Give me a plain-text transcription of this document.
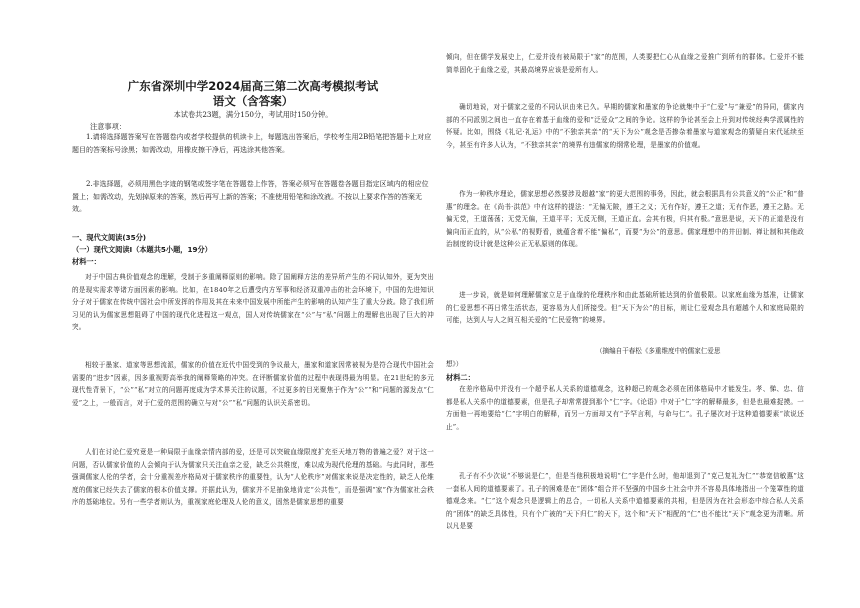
广东省深圳中学2024届高三第二次高考模拟考试
语文（含答案）
本试卷共23题，满分150分，考试用时150分钟。
注意事项：
1.请将选择题答案写在答题卷内或者学校提供的机读卡上，每题选出答案后，学校考生用2B铅笔把答题卡上对应题目的答案标号涂黑；如需改动，用橡皮擦干净后，再选涂其他答案。
2.非选择题，必须用黑色字迹的钢笔或签字笔在答题卷上作答，答案必须写在答题卷各题目指定区域内的相应位置上；如需改动，先划掉原来的答案，然后再写上新的答案；不准使用铅笔和涂改液。不按以上要求作答的答案无效。
一、现代文阅读(35分)
（一）现代文阅读Ⅰ（本题共5小题，19分）
材料一：

对于中国古典价值观念的理解，受制于多重阐释原则的影响。除了国阐释方法的差异所产生的不同认知外，更为突出的是现实需求等诸方面因素的影响。比如，在1840年之后遭受内方军事和经济双重冲击的社会环境下，中国的先进知识分子对于儒家在传统中国社会中所发挥的作用及其在未来中国发展中所能产生的影响的认知产生了重大分歧。除了我们所习见的认为儒家思想阻碍了中国的现代化进程这一观点，国人对传统儒家在“公”与“私”问题上的理解也出现了巨大的冲突。

相较于墨家、道家等思想流派，儒家的价值在近代中国受到的争议最大，墨家和道家因常被视为是符合现代中国社会需要的“进步”因素，因多重视野高举我的阐释策略的冲突。在评断儒家价值的过程中表现得最为明显。在21世纪的多元现代性背景下，“公”“私”对立的问题再度成为学术界关注的议题，不过更多的目光聚焦于作为“公”“和”问题的源发点“仁爱”之上，一般而言，对于仁爱的范围的确立与对“公”“私”问题的认识关系密切。

人们在讨论仁爱究竟是一种局限于血缘亲情内部的爱，还是可以突破血缘限度扩充至天地万物的普遍之爱？对于这一问题，否认儒家价值的人会倾向于认为儒家只关注血亲之爱，缺乏公共维度，难以成为现代伦理的基础。与此同时，那些强调儒家人伦的学者，会十分重视差序格局对于儒家秩序的重要性，认为“人伦秩序”对儒家来说是决定性的，缺乏人伦维度的儒家已经失去了儒家的根本价值支撑。并据此认为，儒家并不足抽象地肯定“公共性”，而是强调“家”作为儒家社会秩序的基础地位。另有一些学者则认为，重视家庭伦理及人伦的意义，固然是儒家思想的重要

倾向，但在儒学发展史上，仁爱并没有被局限于“家”的范围，人类要把仁心从血缘之爱推广到所有的群体。仁爱并不能简单固化于血缘之爱，其最高境界应该是爱所有人。

确切地说，对于儒家之爱的不同认识由来已久。早期的儒家和墨家的争论就集中于“仁爱”与“兼爱”的异同，儒家内部的不同派别之间也一直存在着基于血缘的爱和“泛爱众”之间的争论。这样的争论甚至会上升到对传统经典学派属性的怀疑。比如，围绕《礼记·礼运》中的“不独亲其亲”的“天下为公”观念是否掺杂着墨家与道家观念的猜疑自宋代延续至今，甚至有许多人认为，“不独亲其亲”的境界有违儒家的纲常伦理，是墨家的价值观。

作为一种秩序理论，儒家思想必然要涉及超越“家”的更大范围的事务，因此，就会根据具有公共意义的“公正”和“普惠”的理念。在《尚书·洪范》中有这样的提法：“无偏无陂，遵王之义；无有作好，遵王之道；无有作恶，遵王之路。无偏无党，王道荡荡；无党无偏，王道平平；无反无侧，王道正直。会其有极，归其有极。”意思是说，天下的正道是没有偏向而正直的，从“公私”的视野看，就蕴含着不能“偏私”，而要“为公”的意思。儒家理想中的井田制、禅让制和其他政治制度的设计就是这种公正无私原则的体现。

进一步说，就是如何理解儒家立足于血缘的伦理秩序和由此基础所能达到的价值极限。以家庭血缘为基准，让儒家的仁爱思想不再日常生活状态，更容易为人们所接受。但“天下为公”的目标，则让仁爱观念具有超越个人和家庭局限的可能，达到人与人之间互相关爱的“仁民爱物”的境界。

（摘编自干春松《多重维度中的儒家仁爱思
想》）
材料二：

在差序格局中并没有一个超乎私人关系的道德观念，这种超己的观念必须在团体格局中才能发生。孝、悌、忠、信都是私人关系中的道德要素，但是孔子却常常提到那个“仁”字。《论语》中对于“仁”字的解释最多，但是也最难捉摸。一方面他一再地要给“仁”字明白的解释，而另一方面却又有“予罕言利，与命与仁”。孔子屡次对于这种道德要素“欲说还止”。

孔子有不少次说“不够说是仁”，但是当他积极地说明“仁”字是什么时，他却退到了“克己复礼为仁”“恭宽信敏惠”这一套私人间的道德要素了。孔子的困难是在“团体”组合并不坚强的中国乡土社会中并不容易具体地指出一个笼罩性的道德观念来。“仁”这个观念只是逻辑上的总合，一切私人关系中道德要素的共相，但是因为在社会形态中综合私人关系的“团体”的缺乏具体性，只有个广被的“天下归仁”的天下，这个和“天下”相配的“仁”也不能比“天下”观念更为清晰。所以凡是要
